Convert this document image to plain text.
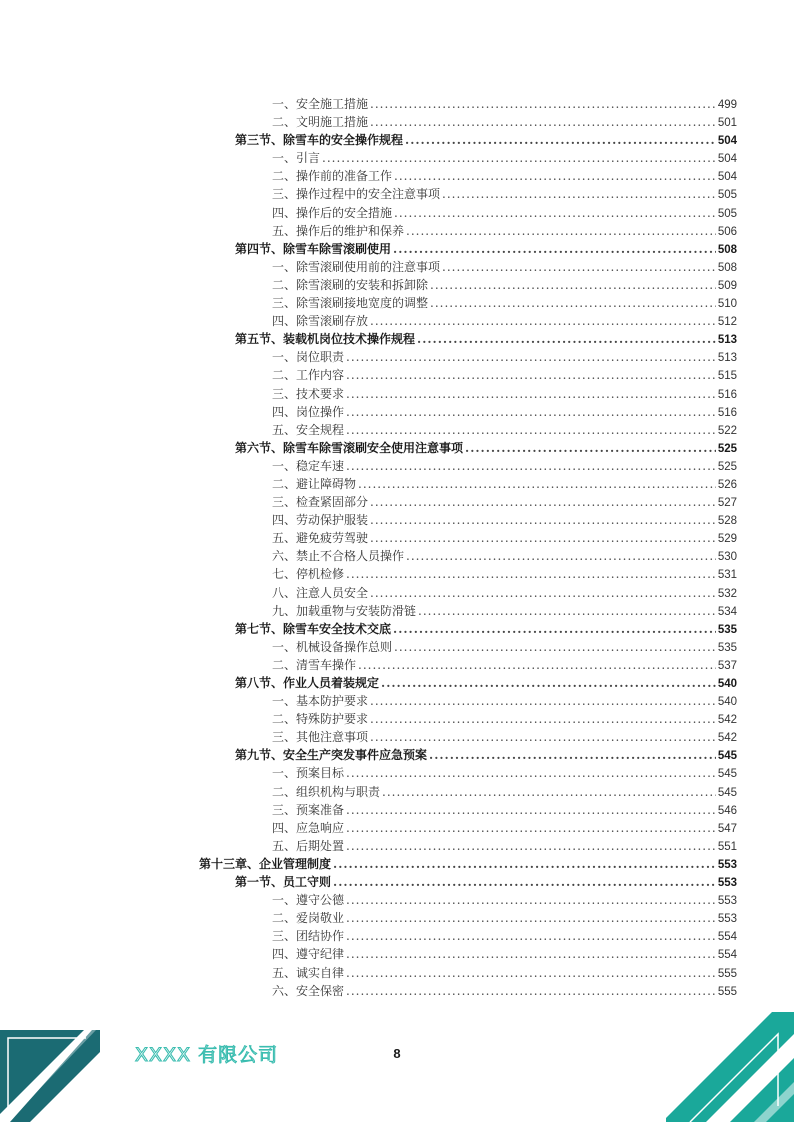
一、安全施工措施 .....	499
二、文明施工措施 .....	501
第三节、除雪车的安全操作规程 .....	504
一、引言 .....	504
二、操作前的准备工作 .....	504
三、操作过程中的安全注意事项 .....	505
四、操作后的安全措施 .....	505
五、操作后的维护和保养 .....	506
第四节、除雪车除雪滚刷使用 .....	508
一、除雪滚刷使用前的注意事项 .....	508
二、除雪滚刷的安装和拆卸除 .....	509
三、除雪滚刷接地宽度的调整 .....	510
四、除雪滚刷存放 .....	512
第五节、装载机岗位技术操作规程 .....	513
一、岗位职责 .....	513
二、工作内容 .....	515
三、技术要求 .....	516
四、岗位操作 .....	516
五、安全规程 .....	522
第六节、除雪车除雪滚刷安全使用注意事项 .....	525
一、稳定车速 .....	525
二、避让障碍物 .....	526
三、检查紧固部分 .....	527
四、劳动保护服装 .....	528
五、避免疲劳驾驶 .....	529
六、禁止不合格人员操作 .....	530
七、停机检修 .....	531
八、注意人员安全 .....	532
九、加载重物与安装防滑链 .....	534
第七节、除雪车安全技术交底 .....	535
一、机械设备操作总则 .....	535
二、清雪车操作 .....	537
第八节、作业人员着装规定 .....	540
一、基本防护要求 .....	540
二、特殊防护要求 .....	542
三、其他注意事项 .....	542
第九节、安全生产突发事件应急预案 .....	545
一、预案目标 .....	545
二、组织机构与职责 .....	545
三、预案准备 .....	546
四、应急响应 .....	547
五、后期处置 .....	551
第十三章、企业管理制度 .....	553
第一节、员工守则 .....	553
一、遵守公德 .....	553
二、爱岗敬业 .....	553
三、团结协作 .....	554
四、遵守纪律 .....	554
五、诚实自律 .....	555
六、安全保密 .....	555
XXXX 有限公司	8
